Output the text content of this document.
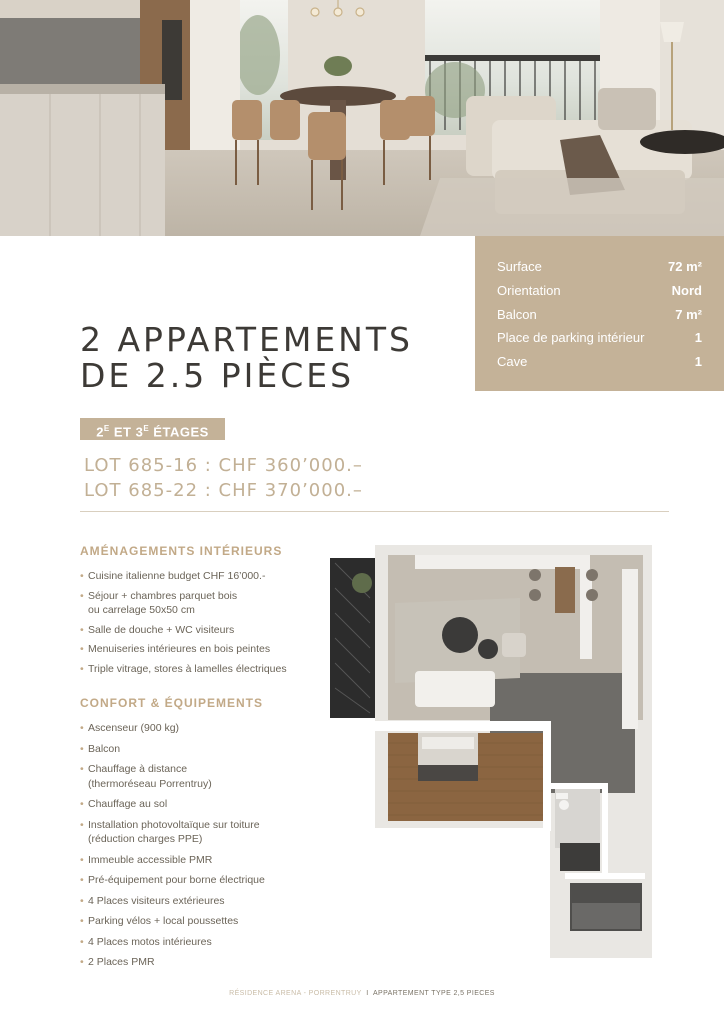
Surface	72 m²
Orientation	Nord
Balcon	7 m²
Place de parking intérieur	1
Cave	1
2 APPARTEMENTS
DE 2.5 PIÈCES
$2^E$ ET $3^E$ ÉTAGES
LOT 685-16 : CHF 360’000.–
LOT 685-22 : CHF 370’000.–
AMÉNAGEMENTS INTÉRIEURS
• Cuisine italienne budget CHF 16’000.-
• Séjour + chambres parquet bois
ou carrelage 50x50 cm
• Salle de douche + WC visiteurs
• Menuiseries intérieures en bois peintes
• Triple vitrage, stores à lamelles électriques
CONFORT & ÉQUIPEMENTS
• Ascenseur (900 kg)
• Balcon
• Chauffage à distance
(thermoréseau Porrentruy)
• Chauffage au sol
• Installation photovoltaïque sur toiture
(réduction charges PPE)
• Immeuble accessible PMR
• Pré-équipement pour borne électrique
• 4 Places visiteurs extérieures
• Parking vélos + local poussettes
• 4 Places motos intérieures
• 2 Places PMR
RÉSIDENCE ARENA - PORRENTRUY I APPARTEMENT TYPE 2,5 PIECES
